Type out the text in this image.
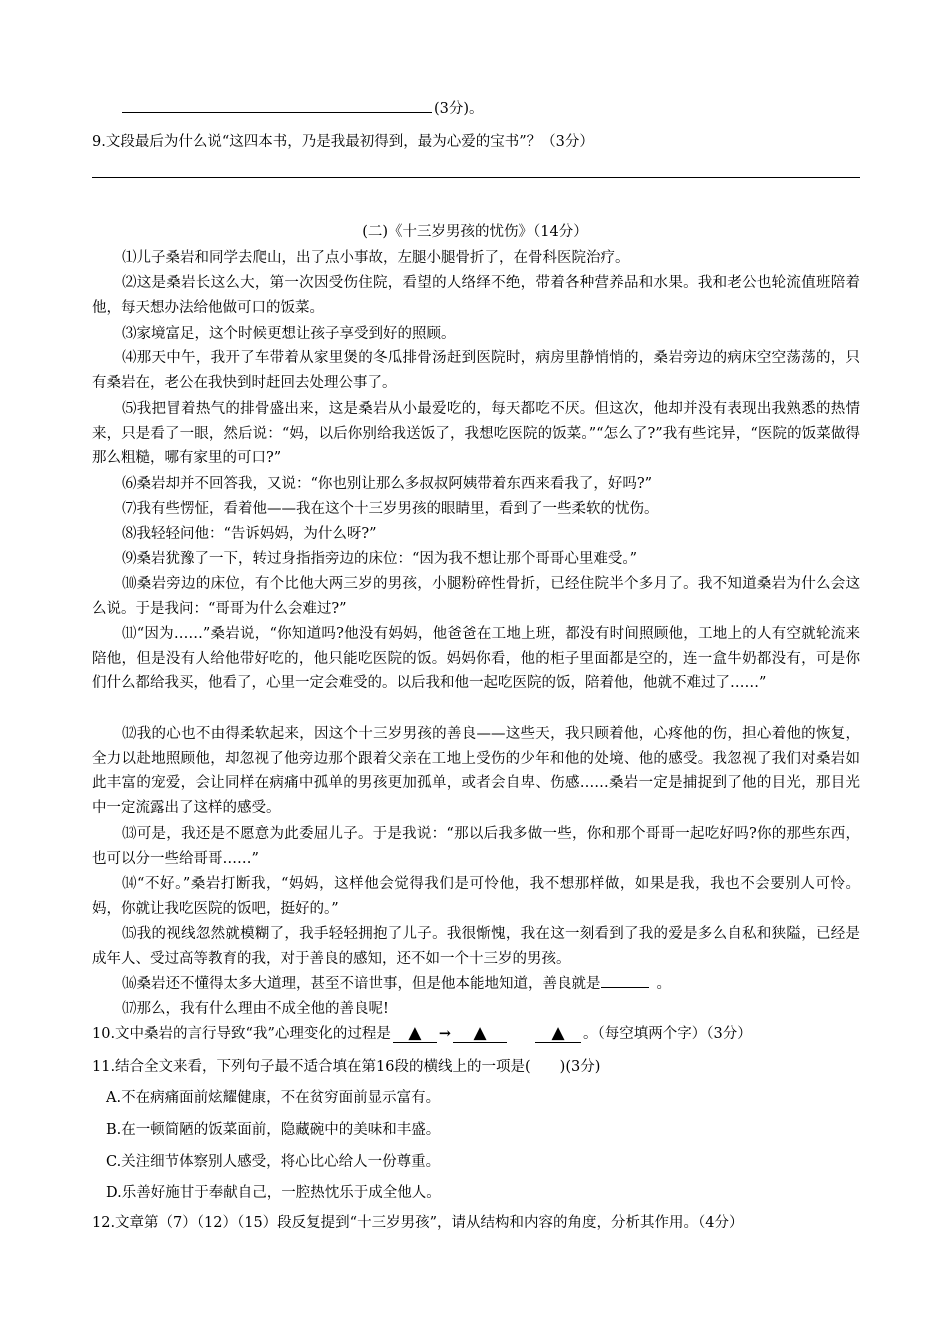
(3分)。
9.文段最后为什么说“这四本书，乃是我最初得到，最为心爱的宝书”？（3分）
(二)《十三岁男孩的忧伤》（14分）
⑴儿子桑岩和同学去爬山，出了点小事故，左腿小腿骨折了，在骨科医院治疗。
⑵这是桑岩长这么大，第一次因受伤住院，看望的人络绎不绝，带着各种营养品和水果。我和老公也轮流值班陪着他，每天想办法给他做可口的饭菜。
⑶家境富足，这个时候更想让孩子享受到好的照顾。
⑷那天中午，我开了车带着从家里煲的冬瓜排骨汤赶到医院时，病房里静悄悄的，桑岩旁边的病床空空荡荡的，只有桑岩在，老公在我快到时赶回去处理公事了。
⑸我把冒着热气的排骨盛出来，这是桑岩从小最爱吃的，每天都吃不厌。但这次，他却并没有表现出我熟悉的热情来，只是看了一眼，然后说：“妈，以后你别给我送饭了，我想吃医院的饭菜。”“怎么了?”我有些诧异，“医院的饭菜做得那么粗糙，哪有家里的可口?”
⑹桑岩却并不回答我，又说：“你也别让那么多叔叔阿姨带着东西来看我了，好吗?”
⑺我有些愣怔，看着他——我在这个十三岁男孩的眼睛里，看到了一些柔软的忧伤。
⑻我轻轻问他：“告诉妈妈，为什么呀?”
⑼桑岩犹豫了一下，转过身指指旁边的床位：“因为我不想让那个哥哥心里难受。”
⑽桑岩旁边的床位，有个比他大两三岁的男孩，小腿粉碎性骨折，已经住院半个多月了。我不知道桑岩为什么会这么说。于是我问：“哥哥为什么会难过?”
⑾“因为……”桑岩说，“你知道吗?他没有妈妈，他爸爸在工地上班，都没有时间照顾他，工地上的人有空就轮流来陪他，但是没有人给他带好吃的，他只能吃医院的饭。妈妈你看，他的柜子里面都是空的，连一盒牛奶都没有，可是你们什么都给我买，他看了，心里一定会难受的。以后我和他一起吃医院的饭，陪着他，他就不难过了……”
⑿我的心也不由得柔软起来，因这个十三岁男孩的善良——这些天，我只顾着他，心疼他的伤，担心着他的恢复，全力以赴地照顾他，却忽视了他旁边那个跟着父亲在工地上受伤的少年和他的处境、他的感受。我忽视了我们对桑岩如此丰富的宠爱，会让同样在病痛中孤单的男孩更加孤单，或者会自卑、伤感……桑岩一定是捕捉到了他的目光，那目光中一定流露出了这样的感受。
⒀可是，我还是不愿意为此委屈儿子。于是我说：“那以后我多做一些，你和那个哥哥一起吃好吗?你的那些东西，也可以分一些给哥哥……”
⒁“不好。”桑岩打断我，“妈妈，这样他会觉得我们是可怜他，我不想那样做，如果是我，我也不会要别人可怜。妈，你就让我吃医院的饭吧，挺好的。”
⒂我的视线忽然就模糊了，我手轻轻拥抱了儿子。我很惭愧，我在这一刻看到了我的爱是多么自私和狭隘，已经是成年人、受过高等教育的我，对于善良的感知，还不如一个十三岁的男孩。
⒃桑岩还不懂得太多大道理，甚至不谙世事，但是他本能地知道，善良就是	。
⒄那么，我有什么理由不成全他的善良呢!
10.文中桑岩的言行导致“我”心理变化的过程是 ▲ → ▲	▲ 。（每空填两个字）（3分）
11.结合全文来看，下列句子最不适合填在第16段的横线上的一项是(　　)(3分)
A.不在病痛面前炫耀健康，不在贫穷面前显示富有。
B.在一顿简陋的饭菜面前，隐藏碗中的美味和丰盛。
C.关注细节体察别人感受，将心比心给人一份尊重。
D.乐善好施甘于奉献自己，一腔热忱乐于成全他人。
12.文章第（7）（12）（15）段反复提到“十三岁男孩”，请从结构和内容的角度，分析其作用。（4分）
